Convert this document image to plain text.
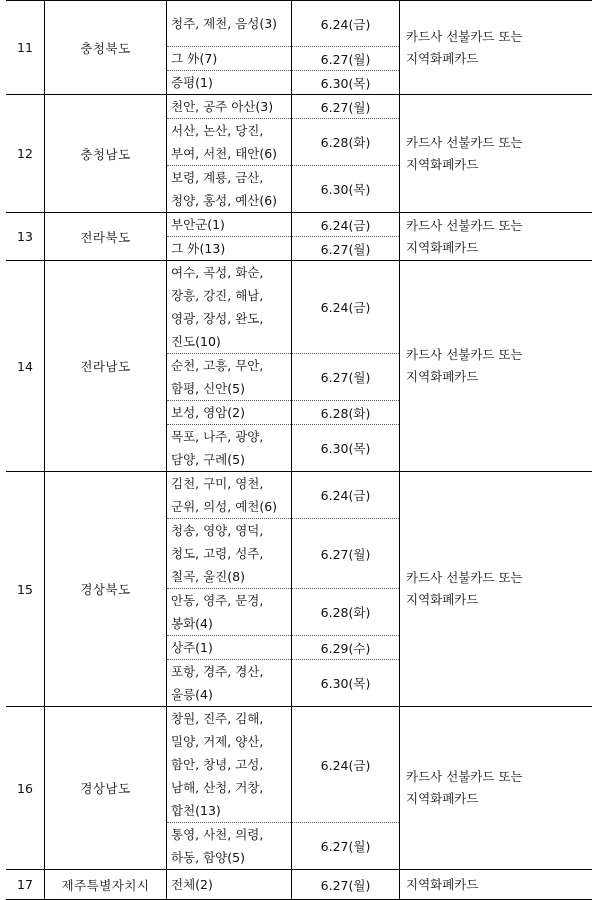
11	충청북도	청주, 제천, 음성(3)	6.24(금)	카드사 선불카드 또는
지역화폐카드

		그 外(7)	6.27(월)	

		증평(1)	6.30(목)	
12	충청남도	천안, 공주 아산(3)	6.27(월)	카드사 선불카드 또는
지역화폐카드

		서산, 논산, 당진,
부여, 서천, 태안(6)	6.28(화)	

		보령, 계룡, 금산,
청양, 홍성, 예산(6)	6.30(목)	
13	전라북도	부안군(1)	6.24(금)	카드사 선불카드 또는
지역화폐카드

		그 外(13)	6.27(월)	
14	전라남도	여수, 곡성, 화순,
장흥, 강진, 해남,
영광, 장성, 완도,
진도(10)	6.24(금)	카드사 선불카드 또는
지역화폐카드

		순천, 고흥, 무안,
함평, 신안(5)	6.27(월)	

		보성, 영암(2)	6.28(화)	

		목포, 나주, 광양,
담양, 구례(5)	6.30(목)	
15	경상북도	김천, 구미, 영천,
군위, 의성, 예천(6)	6.24(금)	카드사 선불카드 또는
지역화폐카드

		청송, 영양, 영덕,
청도, 고령, 성주,
칠곡, 울진(8)	6.27(월)	

		안동, 영주, 문경,
봉화(4)	6.28(화)	

		상주(1)	6.29(수)	

		포항, 경주, 경산,
울릉(4)	6.30(목)	
16	경상남도	창원, 진주, 김해,
밀양, 거제, 양산,
함안, 창녕, 고성,
남해, 산청, 거창,
합천(13)	6.24(금)	카드사 선불카드 또는
지역화폐카드

		통영, 사천, 의령,
하동, 함양(5)	6.27(월)	
17	제주특별자치시	전체(2)	6.27(월)	지역화폐카드
